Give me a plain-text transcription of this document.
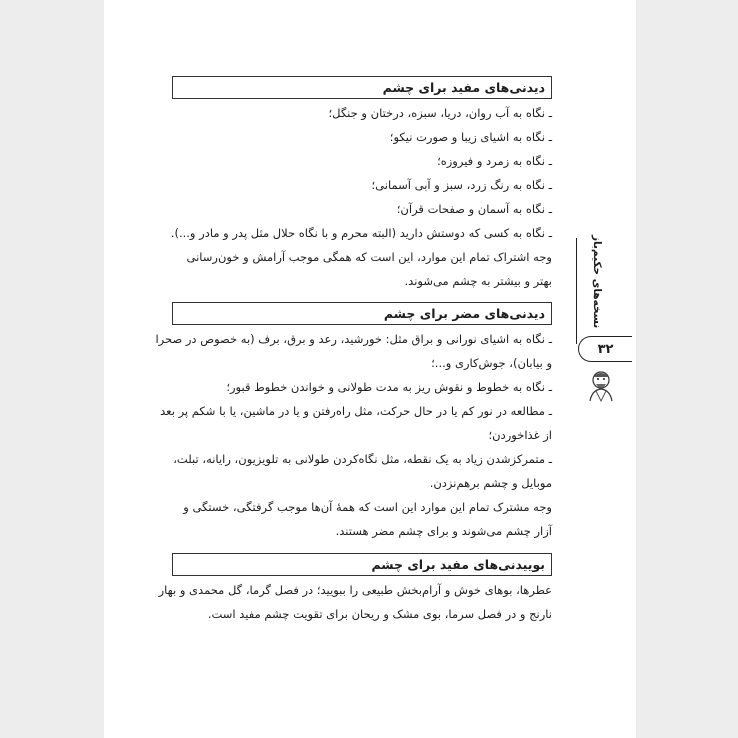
نسخه‌های حکیم‌باز
۳۲
دیدنی‌های مفید برای چشم

ـ نگاه به آب روان، دریا، سبزه، درختان و جنگل؛

ـ نگاه به اشیای زیبا و صورت نیکو؛

ـ نگاه به زمرد و فیروزه؛

ـ نگاه به رنگ زرد، سبز و آبی آسمانی؛

ـ نگاه به آسمان و صفحات قرآن؛

ـ نگاه به کسی که دوستش دارید (البته محرم و با نگاه حلال مثل پدر و مادر و...).

وجه اشتراک تمام این موارد، این است که همگی موجب آرامش و خون‌رسانی

بهتر و بیشتر به چشم می‌شوند.

دیدنی‌های مضر برای چشم

ـ نگاه به اشیای نورانی و براق مثل: خورشید، رعد و برق، برف (به خصوص در صحرا

و بیابان)، جوش‌کاری و...؛

ـ نگاه به خطوط و نقوش ریز به مدت طولانی و خواندن خطوط قبور؛

ـ مطالعه در نور کم یا در حال حرکت، مثل راه‌رفتن و یا در ماشین، یا با شکم پر بعد

از غذاخوردن؛

ـ متمرکزشدن زیاد به یک نقطه، مثل نگاه‌کردن طولانی به تلویزیون، رایانه، تبلت،

موبایل و چشم برهم‌نزدن.

وجه مشترک تمام این موارد این است که همهٔ آن‌ها موجب گرفتگی، خستگی و

آزار چشم می‌شوند و برای چشم مضر هستند.

بوییدنی‌های مفید برای چشم

عطرها، بوهای خوش و آرام‌بخش طبیعی را ببویید؛ در فصل گرما، گل محمدی و بهار

نارنج و در فصل سرما، بوی مشک و ریحان برای تقویت چشم مفید است.
